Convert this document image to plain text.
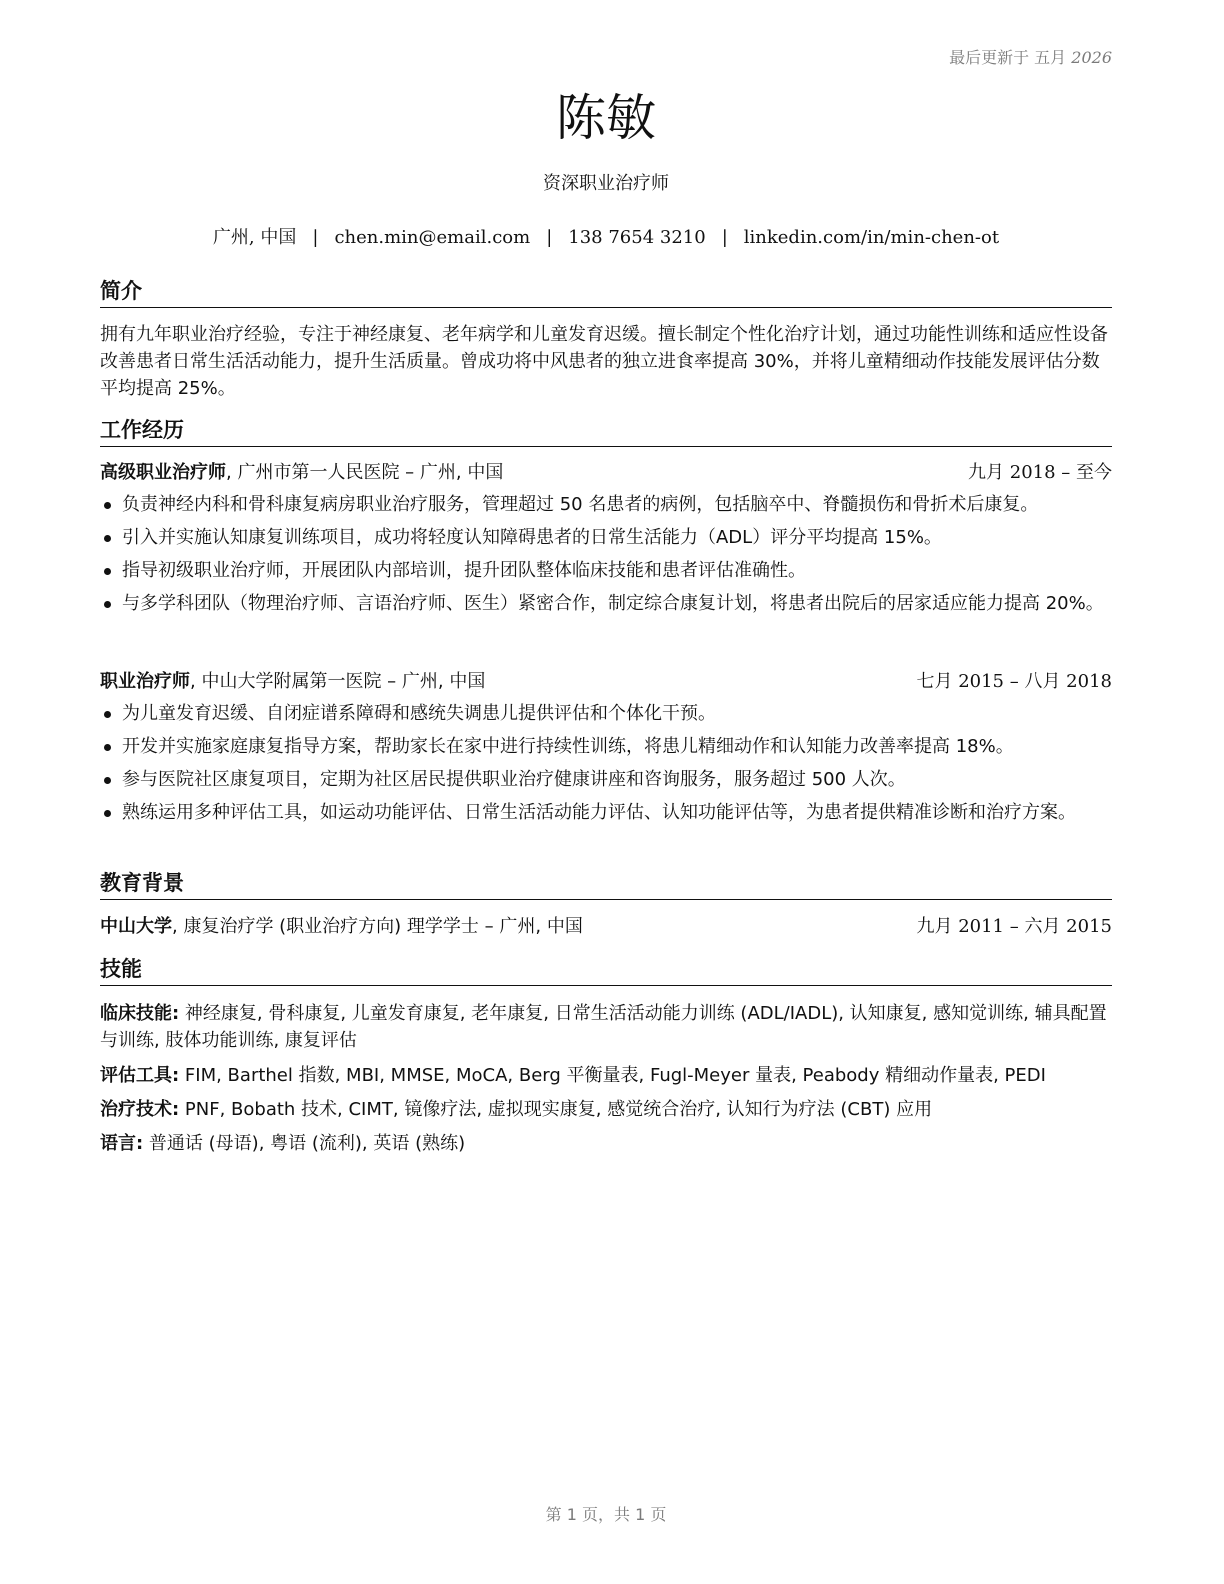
最后更新于 五月 2026
陈敏
资深职业治疗师
广州, 中国 | chen.min@email.com | 138 7654 3210 | linkedin.com/in/min-chen-ot
简介
拥有九年职业治疗经验，专注于神经康复、老年病学和儿童发育迟缓。擅长制定个性化治疗计划，通过功能性训练和适应性设备改善患者日常生活活动能力，提升生活质量。曾成功将中风患者的独立进食率提高 30%，并将儿童精细动作技能发展评估分数平均提高 25%。
工作经历
高级职业治疗师, 广州市第一人民医院 – 广州, 中国	九月 2018 – 至今
负责神经内科和骨科康复病房职业治疗服务，管理超过 50 名患者的病例，包括脑卒中、脊髓损伤和骨折术后康复。
引入并实施认知康复训练项目，成功将轻度认知障碍患者的日常生活能力（ADL）评分平均提高 15%。
指导初级职业治疗师，开展团队内部培训，提升团队整体临床技能和患者评估准确性。
与多学科团队（物理治疗师、言语治疗师、医生）紧密合作，制定综合康复计划，将患者出院后的居家适应能力提高 20%。
职业治疗师, 中山大学附属第一医院 – 广州, 中国	七月 2015 – 八月 2018
为儿童发育迟缓、自闭症谱系障碍和感统失调患儿提供评估和个体化干预。
开发并实施家庭康复指导方案，帮助家长在家中进行持续性训练，将患儿精细动作和认知能力改善率提高 18%。
参与医院社区康复项目，定期为社区居民提供职业治疗健康讲座和咨询服务，服务超过 500 人次。
熟练运用多种评估工具，如运动功能评估、日常生活活动能力评估、认知功能评估等，为患者提供精准诊断和治疗方案。
教育背景
中山大学, 康复治疗学 (职业治疗方向) 理学学士 – 广州, 中国	九月 2011 – 六月 2015
技能
临床技能: 神经康复, 骨科康复, 儿童发育康复, 老年康复, 日常生活活动能力训练 (ADL/IADL), 认知康复, 感知觉训练, 辅具配置与训练, 肢体功能训练, 康复评估
评估工具: FIM, Barthel 指数, MBI, MMSE, MoCA, Berg 平衡量表, Fugl-Meyer 量表, Peabody 精细动作量表, PEDI
治疗技术: PNF, Bobath 技术, CIMT, 镜像疗法, 虚拟现实康复, 感觉统合治疗, 认知行为疗法 (CBT) 应用
语言: 普通话 (母语), 粤语 (流利), 英语 (熟练)
第 1 页，共 1 页
